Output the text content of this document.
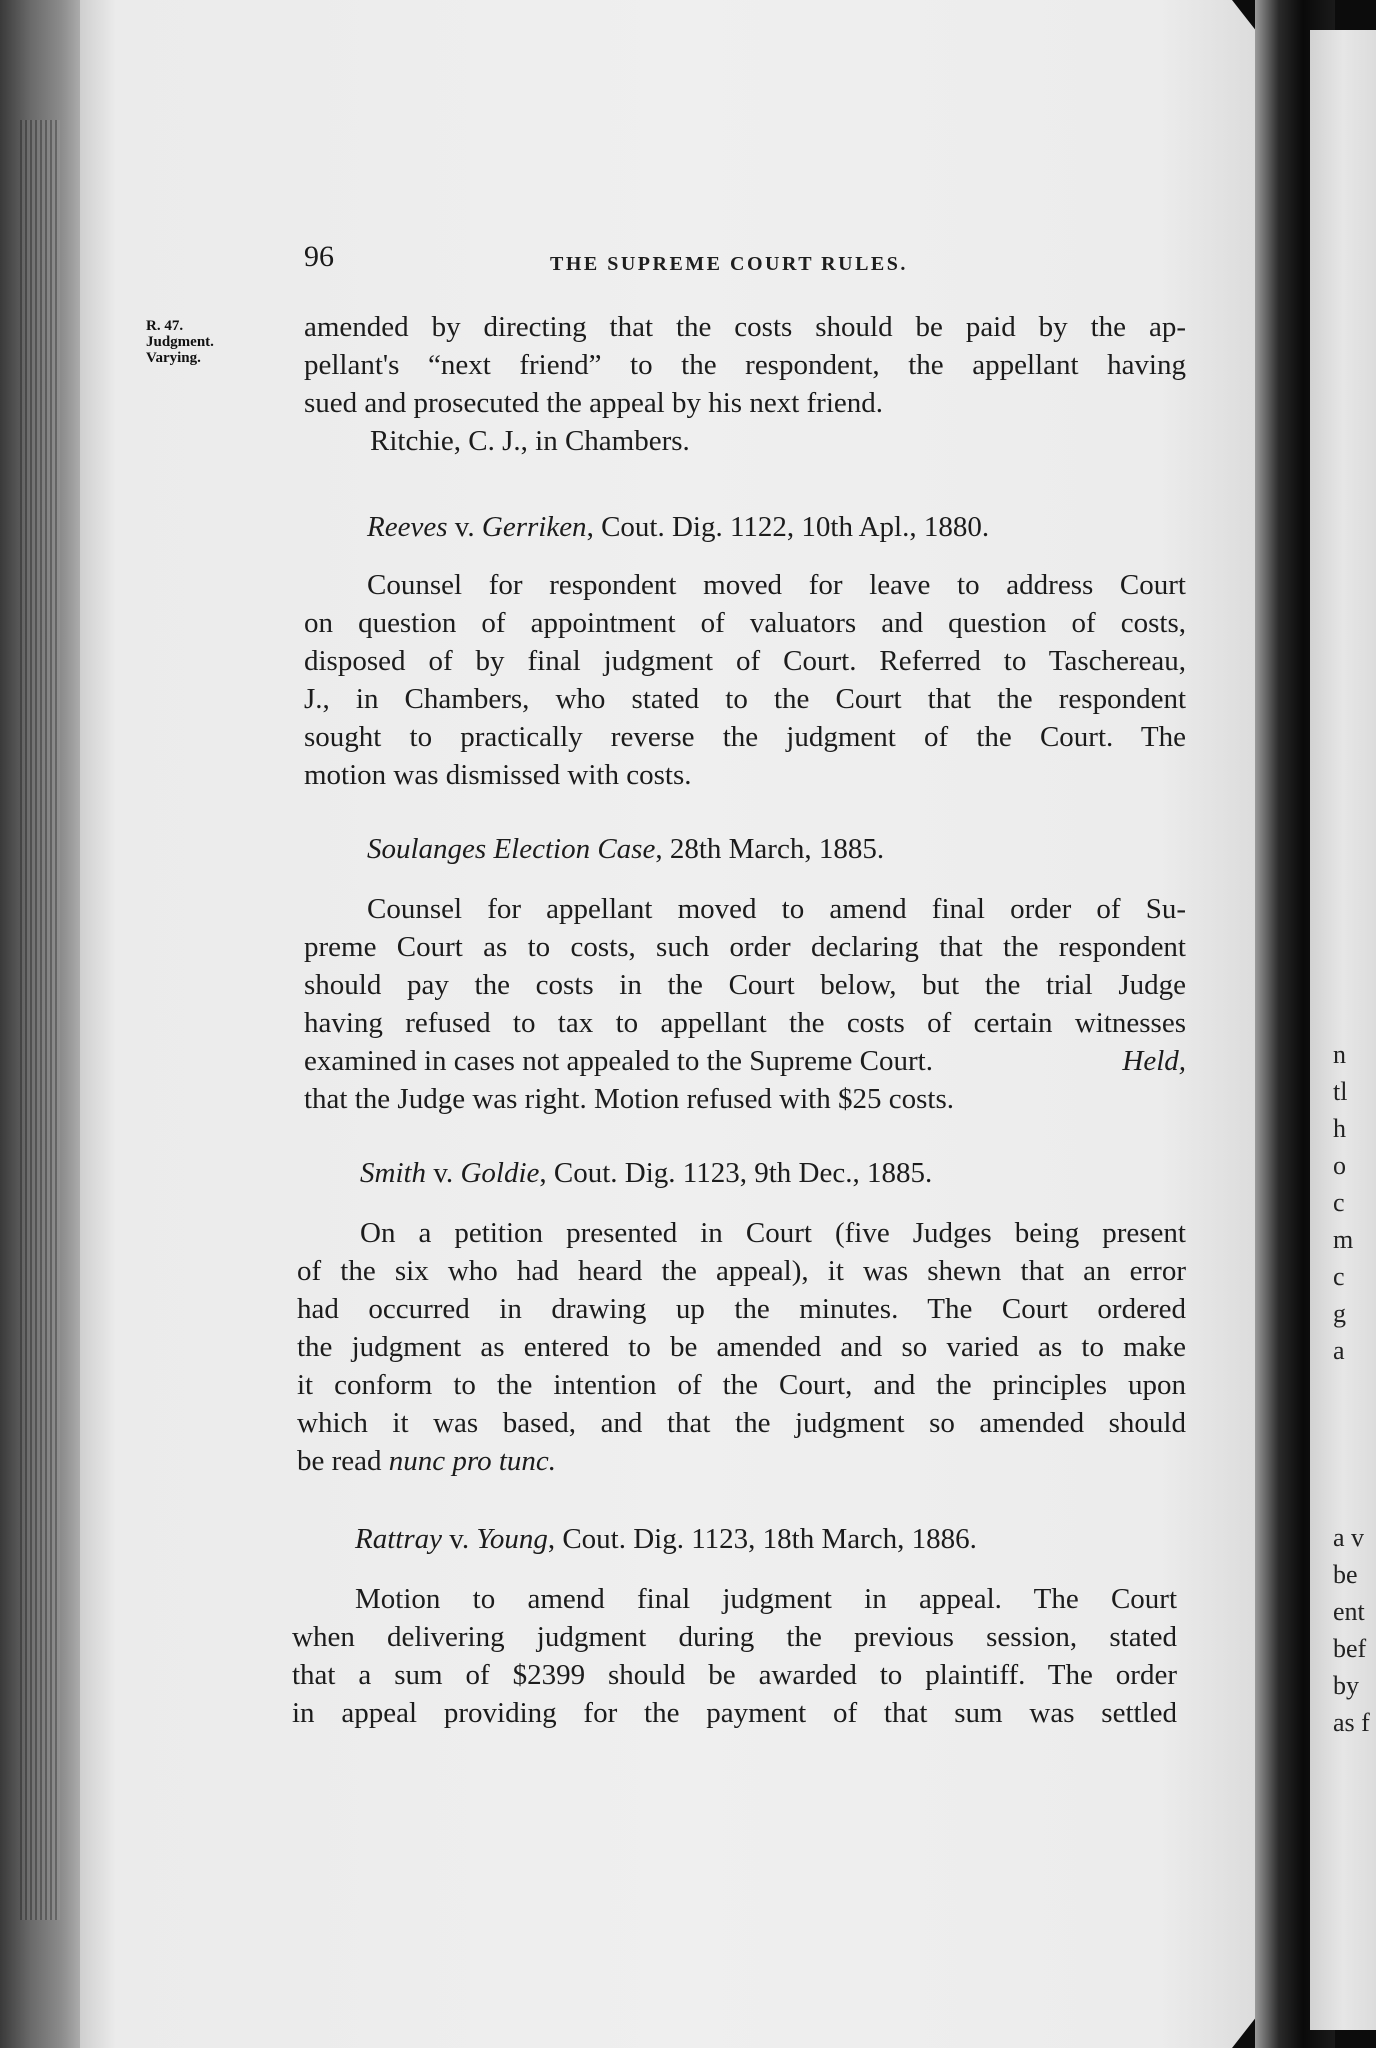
n
tl
h
o
c
m
c
g
a
a v
be
ent
bef
by
as f
96	THE SUPREME COURT RULES.
R. 47.
Judgment.
Varying.
amended by directing that the costs should be paid by the ap-
pellant's “next friend” to the respondent, the appellant having
sued and prosecuted the appeal by his next friend.
Ritchie, C. J., in Chambers.
Reeves v. Gerriken, Cout. Dig. 1122, 10th Apl., 1880.
Counsel for respondent moved for leave to address Court
on question of appointment of valuators and question of costs,
disposed of by final judgment of Court. Referred to Taschereau,
J., in Chambers, who stated to the Court that the respondent
sought to practically reverse the judgment of the Court. The
motion was dismissed with costs.
Soulanges Election Case, 28th March, 1885.
Counsel for appellant moved to amend final order of Su-
preme Court as to costs, such order declaring that the respondent
should pay the costs in the Court below, but the trial Judge
having refused to tax to appellant the costs of certain witnesses
examined in cases not appealed to the Supreme Court.	Held,
that the Judge was right. Motion refused with $25 costs.
Smith v. Goldie, Cout. Dig. 1123, 9th Dec., 1885.
On a petition presented in Court (five Judges being present
of the six who had heard the appeal), it was shewn that an error
had occurred in drawing up the minutes. The Court ordered
the judgment as entered to be amended and so varied as to make
it conform to the intention of the Court, and the principles upon
which it was based, and that the judgment so amended should
be read nunc pro tunc.
Rattray v. Young, Cout. Dig. 1123, 18th March, 1886.
Motion to amend final judgment in appeal. The Court
when delivering judgment during the previous session, stated
that a sum of $2399 should be awarded to plaintiff. The order
in appeal providing for the payment of that sum was settled
